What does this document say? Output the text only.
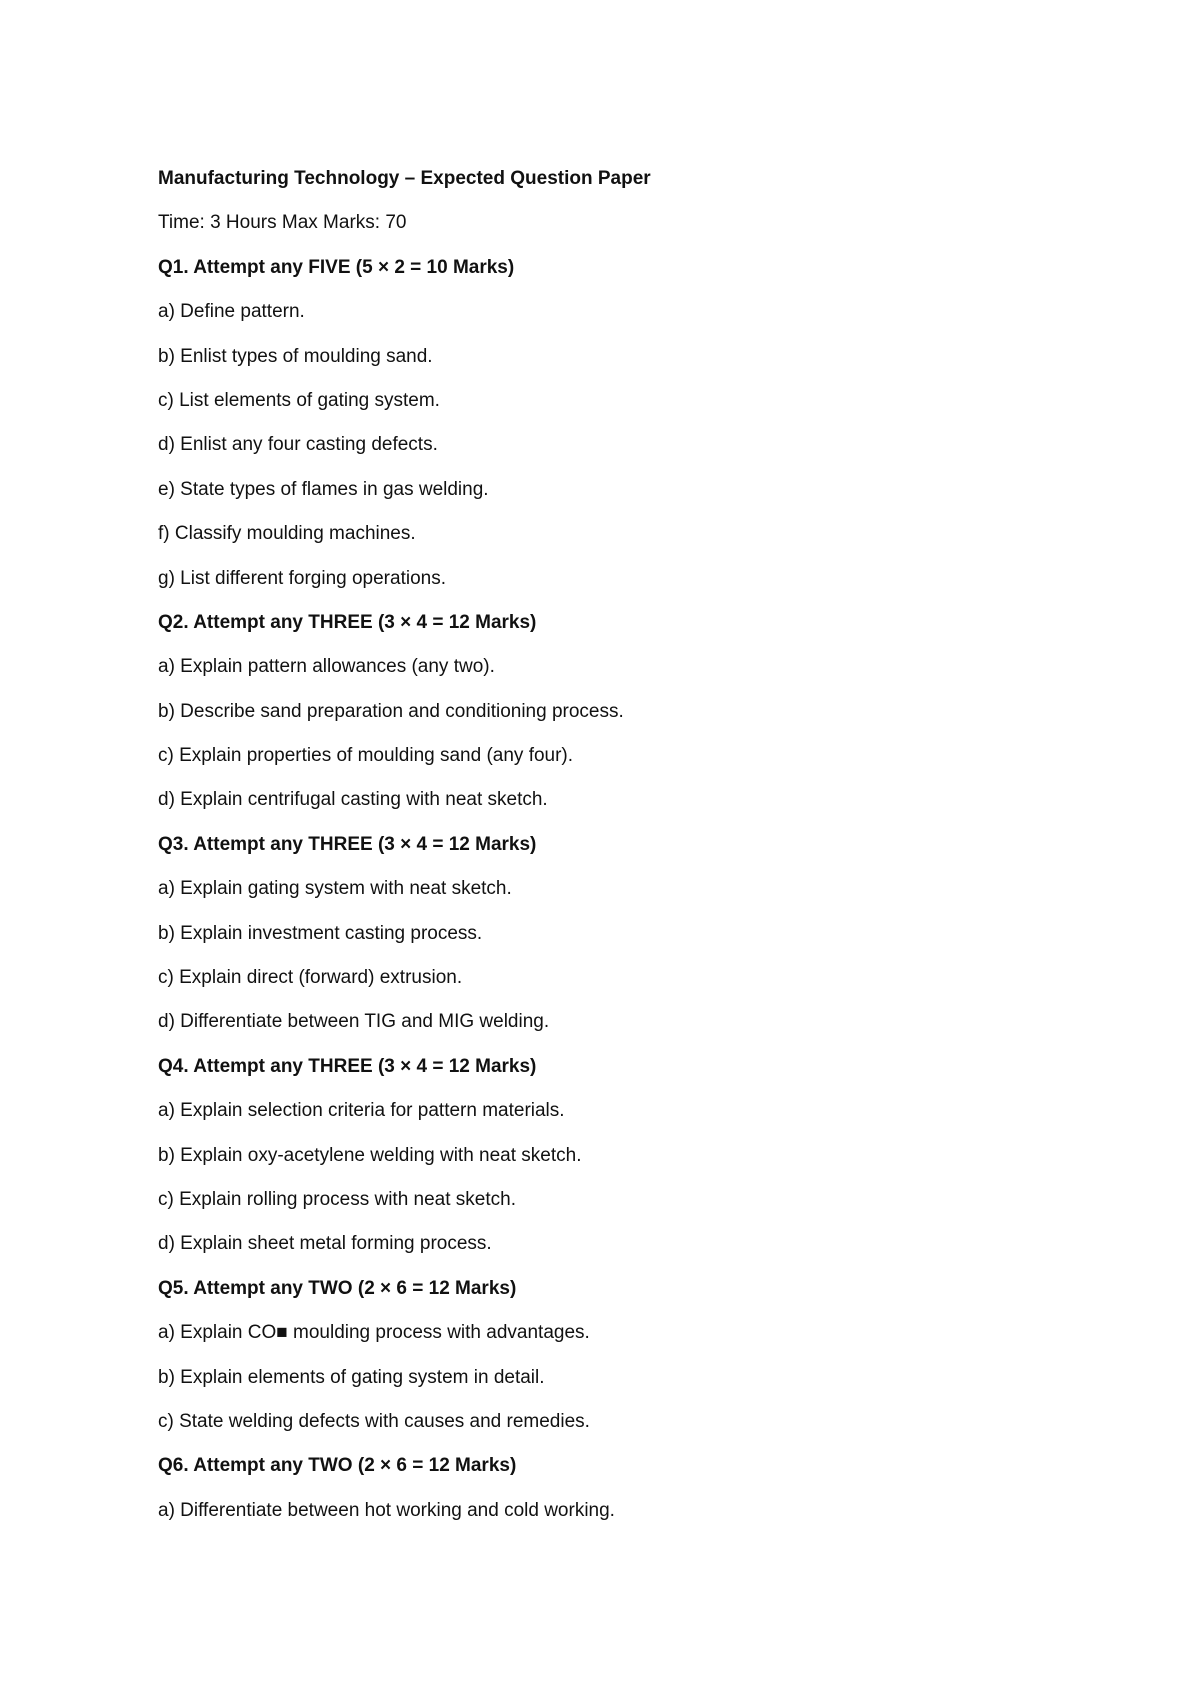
Manufacturing Technology – Expected Question Paper
Time: 3 Hours Max Marks: 70
Q1. Attempt any FIVE (5 × 2 = 10 Marks)
a) Define pattern.
b) Enlist types of moulding sand.
c) List elements of gating system.
d) Enlist any four casting defects.
e) State types of flames in gas welding.
f) Classify moulding machines.
g) List different forging operations.
Q2. Attempt any THREE (3 × 4 = 12 Marks)
a) Explain pattern allowances (any two).
b) Describe sand preparation and conditioning process.
c) Explain properties of moulding sand (any four).
d) Explain centrifugal casting with neat sketch.
Q3. Attempt any THREE (3 × 4 = 12 Marks)
a) Explain gating system with neat sketch.
b) Explain investment casting process.
c) Explain direct (forward) extrusion.
d) Differentiate between TIG and MIG welding.
Q4. Attempt any THREE (3 × 4 = 12 Marks)
a) Explain selection criteria for pattern materials.
b) Explain oxy-acetylene welding with neat sketch.
c) Explain rolling process with neat sketch.
d) Explain sheet metal forming process.
Q5. Attempt any TWO (2 × 6 = 12 Marks)
a) Explain CO■ moulding process with advantages.
b) Explain elements of gating system in detail.
c) State welding defects with causes and remedies.
Q6. Attempt any TWO (2 × 6 = 12 Marks)
a) Differentiate between hot working and cold working.
